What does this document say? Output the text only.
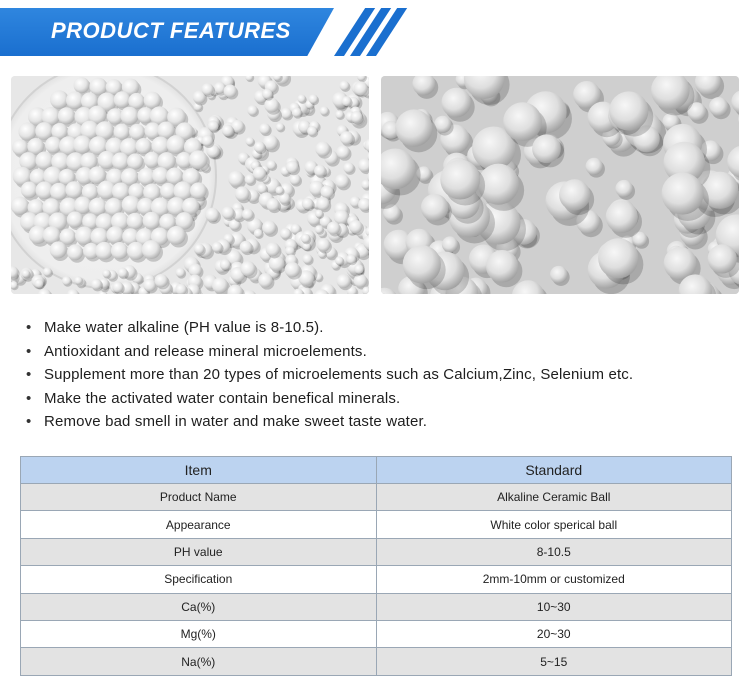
PRODUCT FEATURES
• Make water alkaline (PH value is 8-10.5).
• Antioxidant and release mineral microelements.
• Supplement more than 20 types of microelements such as Calcium,Zinc, Selenium etc.
• Make the activated water contain benefical minerals.
• Remove bad smell in water and make sweet taste water.
Item	Standard
Product Name	Alkaline Ceramic Ball
Appearance	White color sperical ball
PH value	8-10.5
Specification	2mm-10mm or customized
Ca(%)	10~30
Mg(%)	20~30
Na(%)	5~15
